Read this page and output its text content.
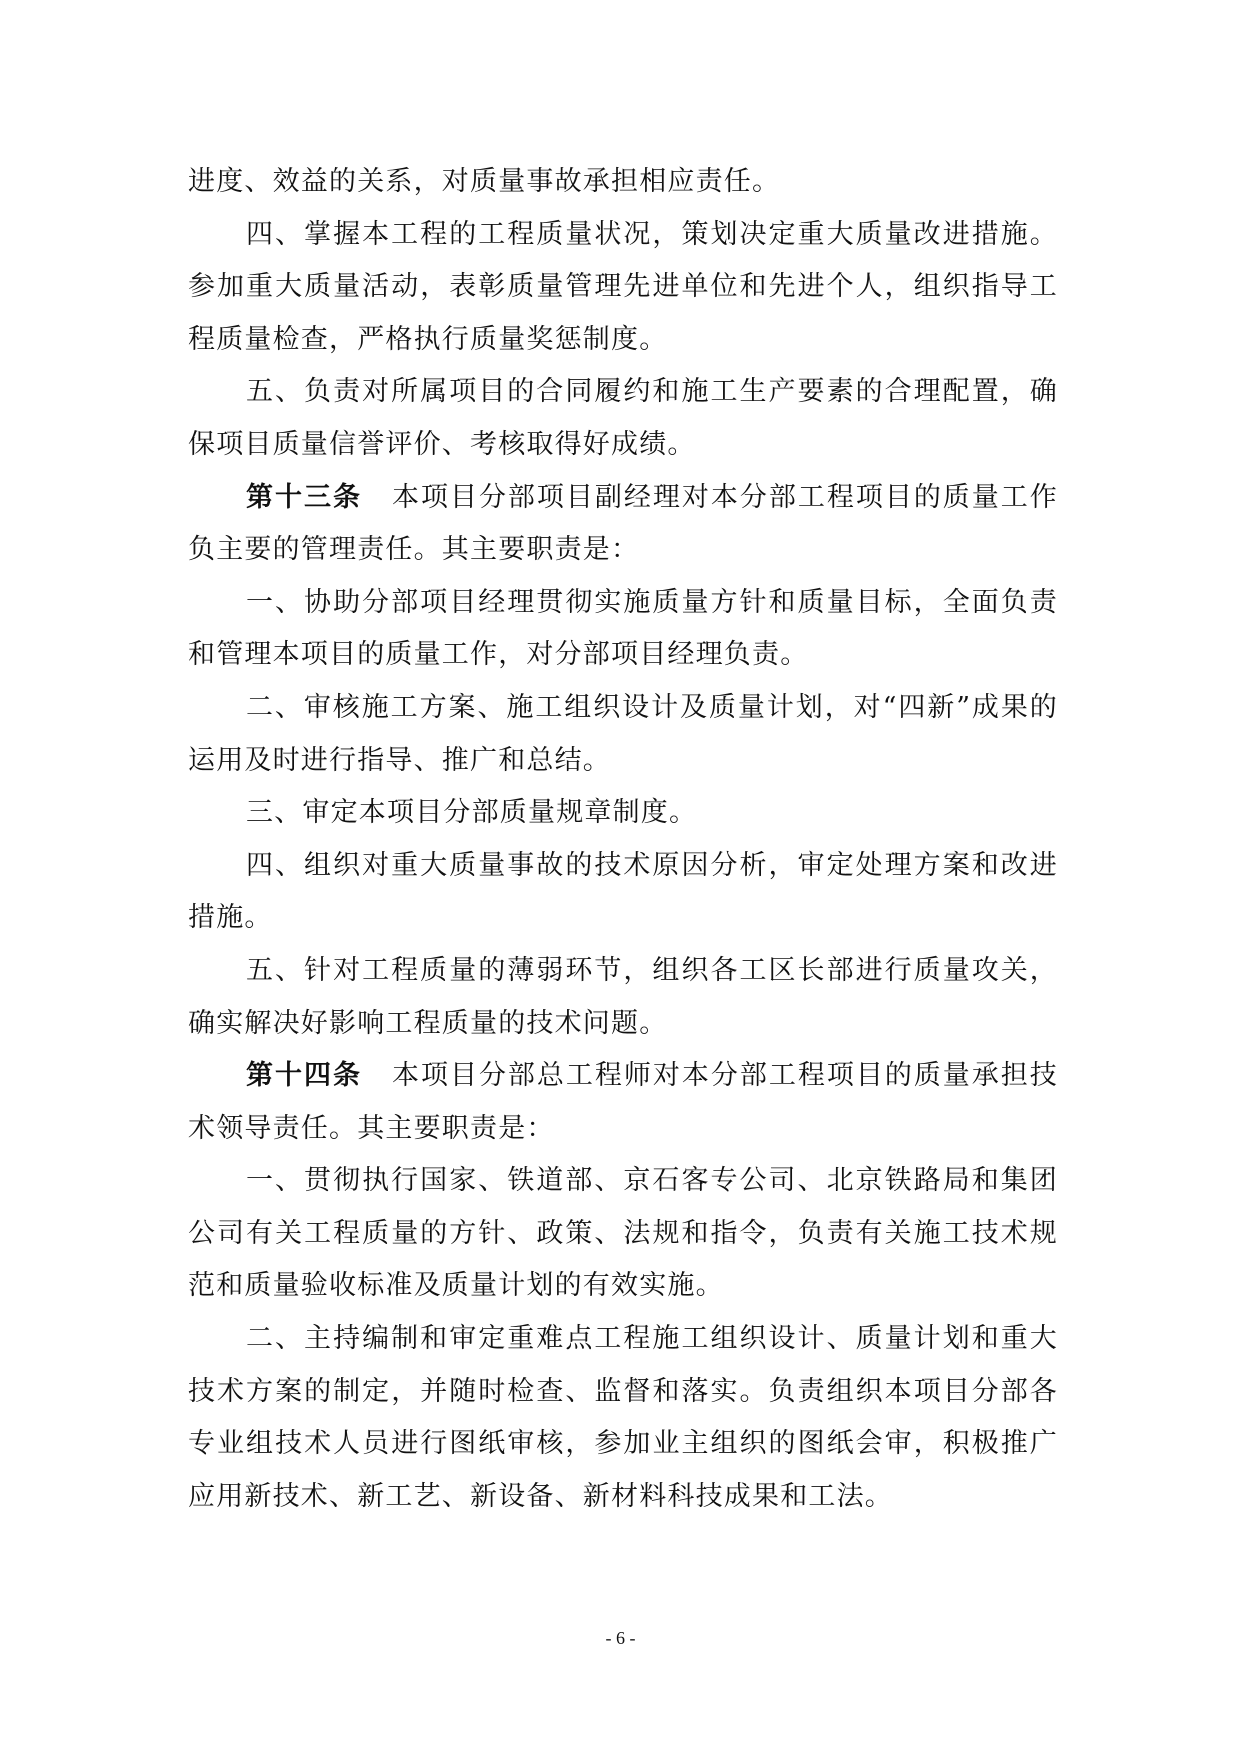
进度、效益的关系，对质量事故承担相应责任。

四、掌握本工程的工程质量状况，策划决定重大质量改进措施。参加重大质量活动，表彰质量管理先进单位和先进个人，组织指导工程质量检查，严格执行质量奖惩制度。

五、负责对所属项目的合同履约和施工生产要素的合理配置，确保项目质量信誉评价、考核取得好成绩。

第十三条 本项目分部项目副经理对本分部工程项目的质量工作负主要的管理责任。其主要职责是：

一、协助分部项目经理贯彻实施质量方针和质量目标，全面负责和管理本项目的质量工作，对分部项目经理负责。

二、审核施工方案、施工组织设计及质量计划，对“四新”成果的运用及时进行指导、推广和总结。

三、审定本项目分部质量规章制度。

四、组织对重大质量事故的技术原因分析，审定处理方案和改进措施。

五、针对工程质量的薄弱环节，组织各工区长部进行质量攻关，确实解决好影响工程质量的技术问题。

第十四条 本项目分部总工程师对本分部工程项目的质量承担技术领导责任。其主要职责是：

一、贯彻执行国家、铁道部、京石客专公司、北京铁路局和集团公司有关工程质量的方针、政策、法规和指令，负责有关施工技术规范和质量验收标准及质量计划的有效实施。

二、主持编制和审定重难点工程施工组织设计、质量计划和重大技术方案的制定，并随时检查、监督和落实。负责组织本项目分部各专业组技术人员进行图纸审核，参加业主组织的图纸会审，积极推广应用新技术、新工艺、新设备、新材料科技成果和工法。

- 6 -
